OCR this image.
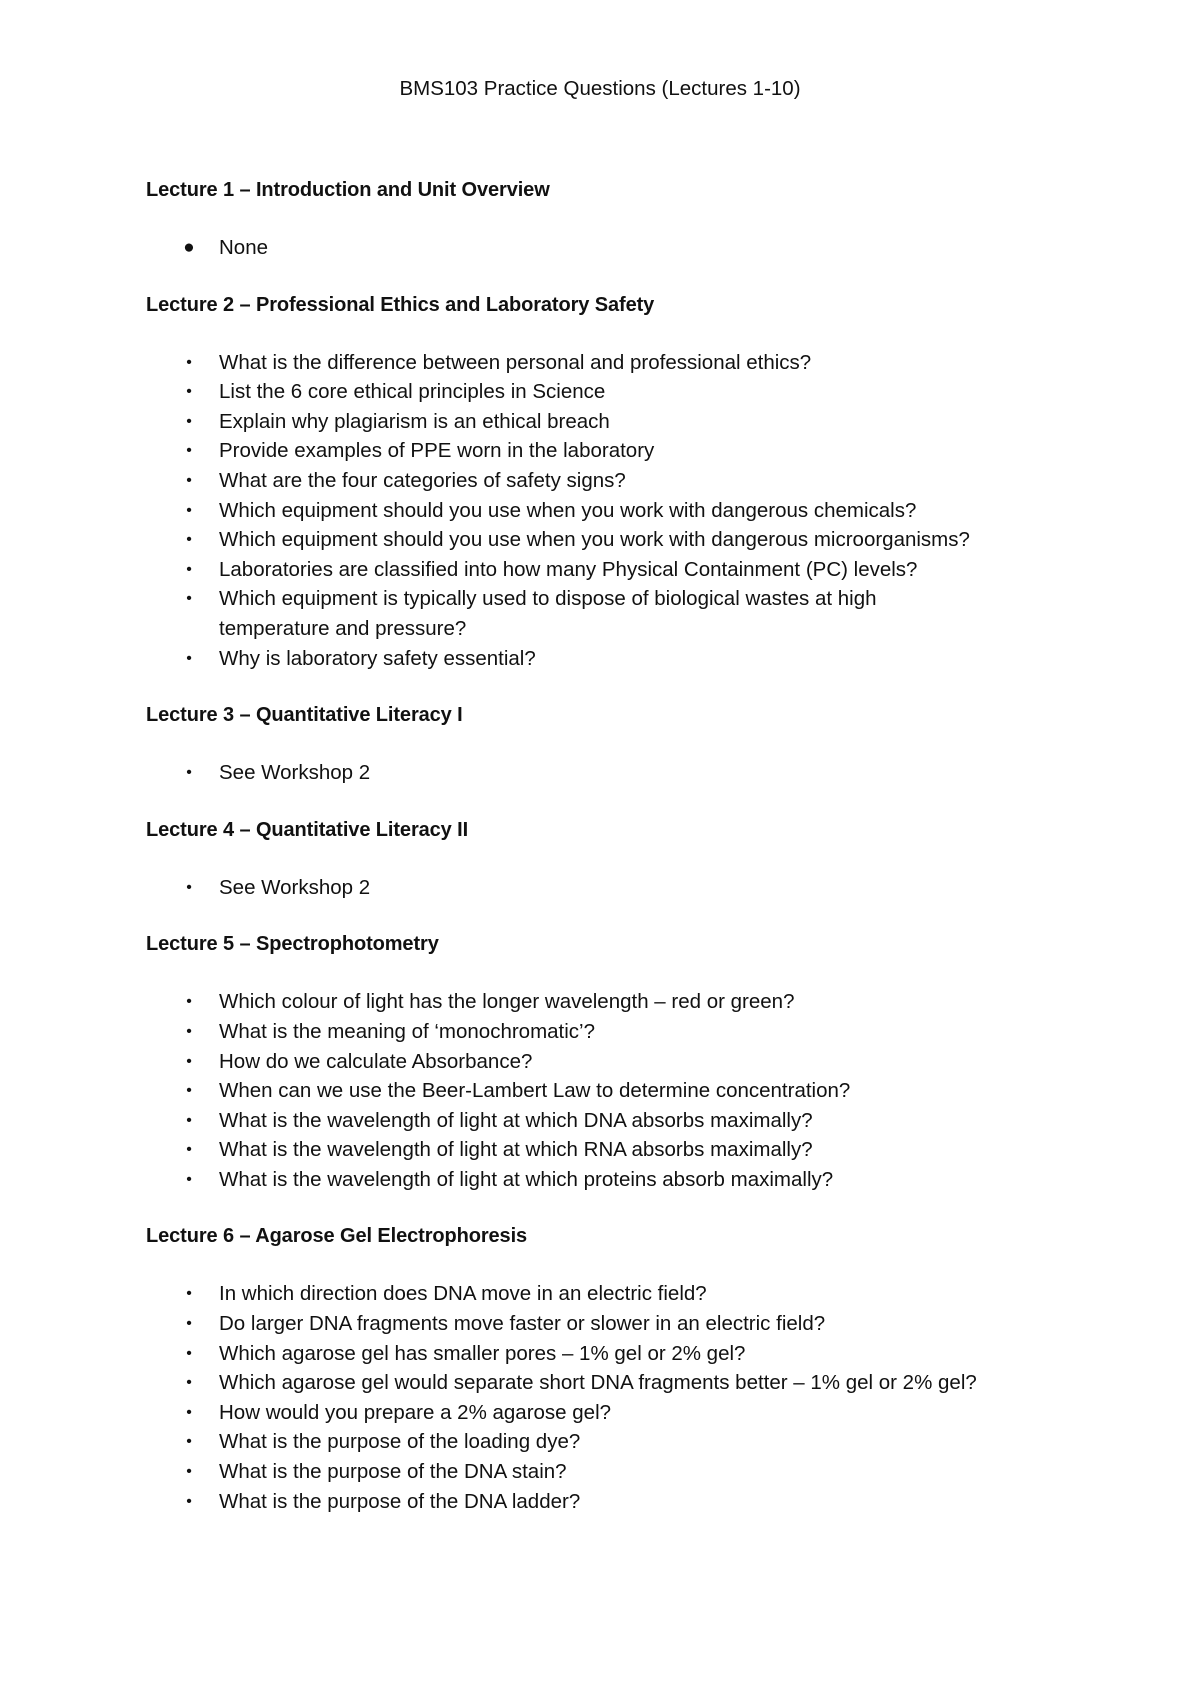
BMS103 Practice Questions (Lectures 1-10)
Lecture 1 – Introduction and Unit Overview
● None
Lecture 2 – Professional Ethics and Laboratory Safety
• What is the difference between personal and professional ethics?
• List the 6 core ethical principles in Science
• Explain why plagiarism is an ethical breach
• Provide examples of PPE worn in the laboratory
• What are the four categories of safety signs?
• Which equipment should you use when you work with dangerous chemicals?
• Which equipment should you use when you work with dangerous microorganisms?
• Laboratories are classified into how many Physical Containment (PC) levels?
• Which equipment is typically used to dispose of biological wastes at high temperature and pressure?
• Why is laboratory safety essential?
Lecture 3 – Quantitative Literacy I
• See Workshop 2
Lecture 4 – Quantitative Literacy II
• See Workshop 2
Lecture 5 – Spectrophotometry
• Which colour of light has the longer wavelength – red or green?
• What is the meaning of ‘monochromatic’?
• How do we calculate Absorbance?
• When can we use the Beer-Lambert Law to determine concentration?
• What is the wavelength of light at which DNA absorbs maximally?
• What is the wavelength of light at which RNA absorbs maximally?
• What is the wavelength of light at which proteins absorb maximally?
Lecture 6 – Agarose Gel Electrophoresis
• In which direction does DNA move in an electric field?
• Do larger DNA fragments move faster or slower in an electric field?
• Which agarose gel has smaller pores – 1% gel or 2% gel?
• Which agarose gel would separate short DNA fragments better – 1% gel or 2% gel?
• How would you prepare a 2% agarose gel?
• What is the purpose of the loading dye?
• What is the purpose of the DNA stain?
• What is the purpose of the DNA ladder?
